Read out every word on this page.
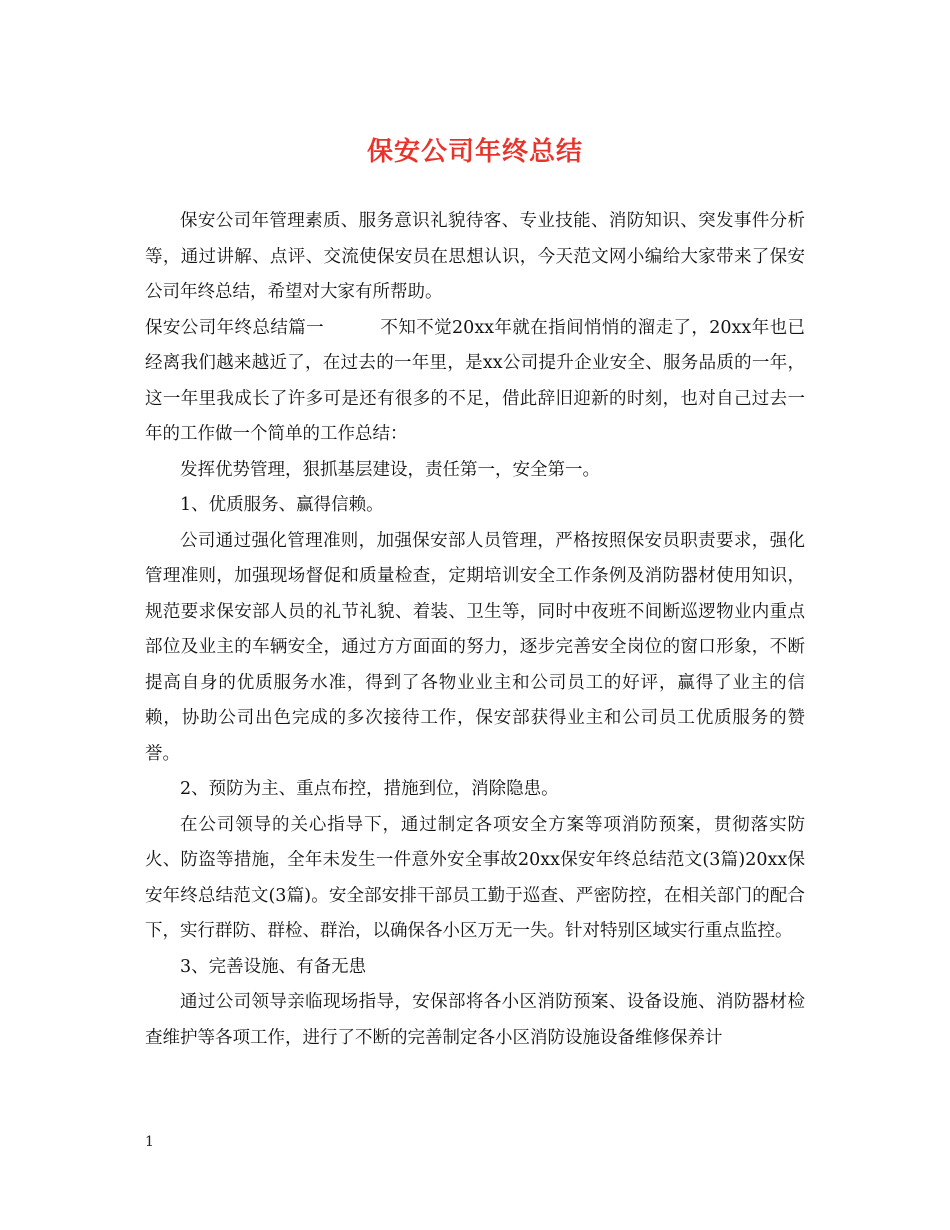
保安公司年终总结

保安公司年管理素质、服务意识礼貌待客、专业技能、消防知识、突发事件分析等，通过讲解、点评、交流使保安员在思想认识，今天范文网小编给大家带来了保安公司年终总结，希望对大家有所帮助。

保安公司年终总结篇一	不知不觉20xx年就在指间悄悄的溜走了，20xx年也已经离我们越来越近了，在过去的一年里，是xx公司提升企业安全、服务品质的一年，这一年里我成长了许多可是还有很多的不足，借此辞旧迎新的时刻，也对自己过去一年的工作做一个简单的工作总结：

发挥优势管理，狠抓基层建设，责任第一，安全第一。

1、优质服务、赢得信赖。

公司通过强化管理准则，加强保安部人员管理，严格按照保安员职责要求，强化管理准则，加强现场督促和质量检查，定期培训安全工作条例及消防器材使用知识，规范要求保安部人员的礼节礼貌、着装、卫生等，同时中夜班不间断巡逻物业内重点部位及业主的车辆安全，通过方方面面的努力，逐步完善安全岗位的窗口形象，不断提高自身的优质服务水准，得到了各物业业主和公司员工的好评，赢得了业主的信赖，协助公司出色完成的多次接待工作，保安部获得业主和公司员工优质服务的赞誉。

2、预防为主、重点布控，措施到位，消除隐患。

在公司领导的关心指导下，通过制定各项安全方案等项消防预案，贯彻落实防火、防盗等措施，全年未发生一件意外安全事故20xx保安年终总结范文(3篇)20xx保安年终总结范文(3篇)。安全部安排干部员工勤于巡查、严密防控，在相关部门的配合下，实行群防、群检、群治，以确保各小区万无一失。针对特别区域实行重点监控。

3、完善设施、有备无患

通过公司领导亲临现场指导，安保部将各小区消防预案、设备设施、消防器材检查维护等各项工作，进行了不断的完善制定各小区消防设施设备维修保养计

1
